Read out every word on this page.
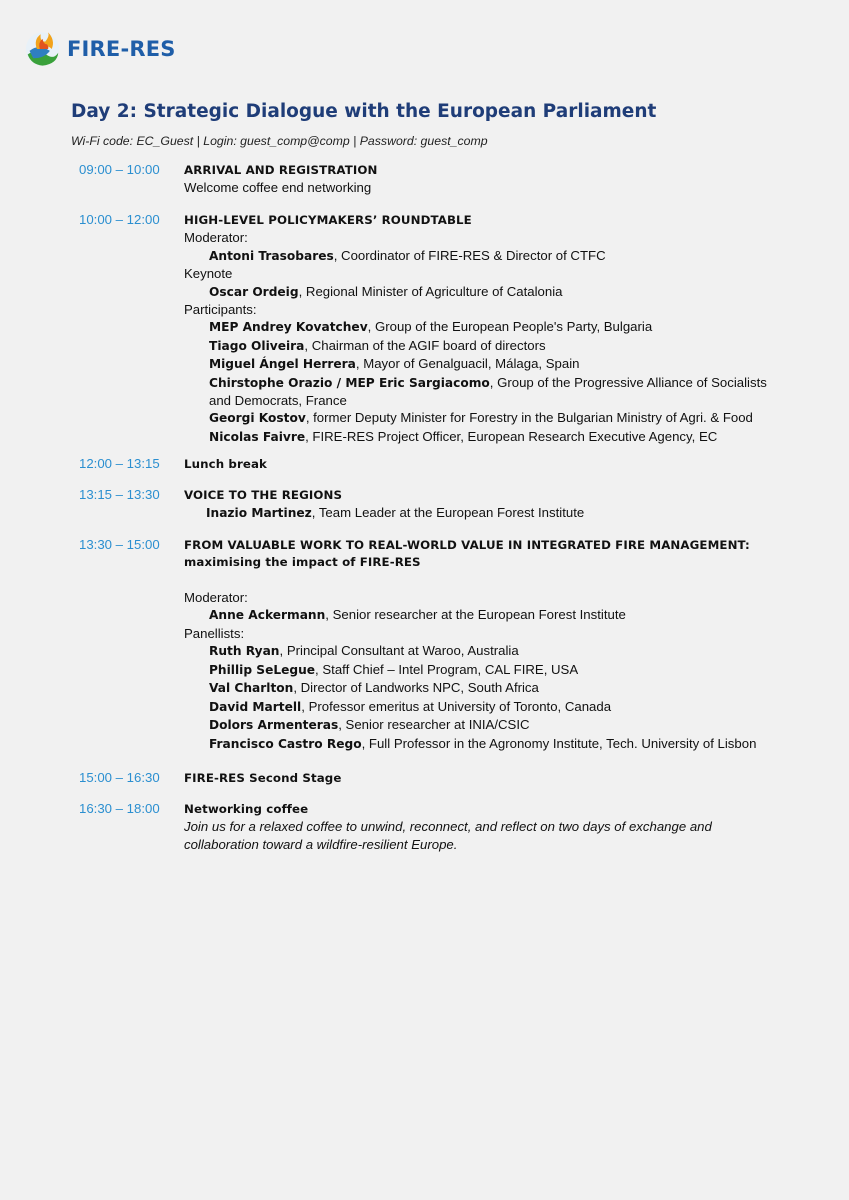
FIRE-RES
Day 2: Strategic Dialogue with the European Parliament
Wi-Fi code: EC_Guest | Login: guest_comp@comp | Password: guest_comp
09:00 – 10:00 ARRIVAL AND REGISTRATION
Welcome coffee end networking
10:00 – 12:00 HIGH-LEVEL POLICYMAKERS’ ROUNDTABLE
Moderator:
Antoni Trasobares, Coordinator of FIRE-RES & Director of CTFC
Keynote
Oscar Ordeig, Regional Minister of Agriculture of Catalonia
Participants:
MEP Andrey Kovatchev, Group of the European People's Party, Bulgaria
Tiago Oliveira, Chairman of the AGIF board of directors
Miguel Ángel Herrera, Mayor of Genalguacil, Málaga, Spain
Chirstophe Orazio / MEP Eric Sargiacomo, Group of the Progressive Alliance of Socialists and Democrats, France
Georgi Kostov, former Deputy Minister for Forestry in the Bulgarian Ministry of Agri. & Food
Nicolas Faivre, FIRE-RES Project Officer, European Research Executive Agency, EC
12:00 – 13:15 Lunch break
13:15 – 13:30 VOICE TO THE REGIONS
Inazio Martinez, Team Leader at the European Forest Institute
13:30 – 15:00 FROM VALUABLE WORK TO REAL-WORLD VALUE IN INTEGRATED FIRE MANAGEMENT:
maximising the impact of FIRE-RES
Moderator:
Anne Ackermann, Senior researcher at the European Forest Institute
Panellists:
Ruth Ryan, Principal Consultant at Waroo, Australia
Phillip SeLegue, Staff Chief – Intel Program, CAL FIRE, USA
Val Charlton, Director of Landworks NPC, South Africa
David Martell, Professor emeritus at University of Toronto, Canada
Dolors Armenteras, Senior researcher at INIA/CSIC
Francisco Castro Rego, Full Professor in the Agronomy Institute, Tech. University of Lisbon
15:00 – 16:30 FIRE-RES Second Stage
16:30 – 18:00 Networking coffee
Join us for a relaxed coffee to unwind, reconnect, and reflect on two days of exchange and collaboration toward a wildfire-resilient Europe.
